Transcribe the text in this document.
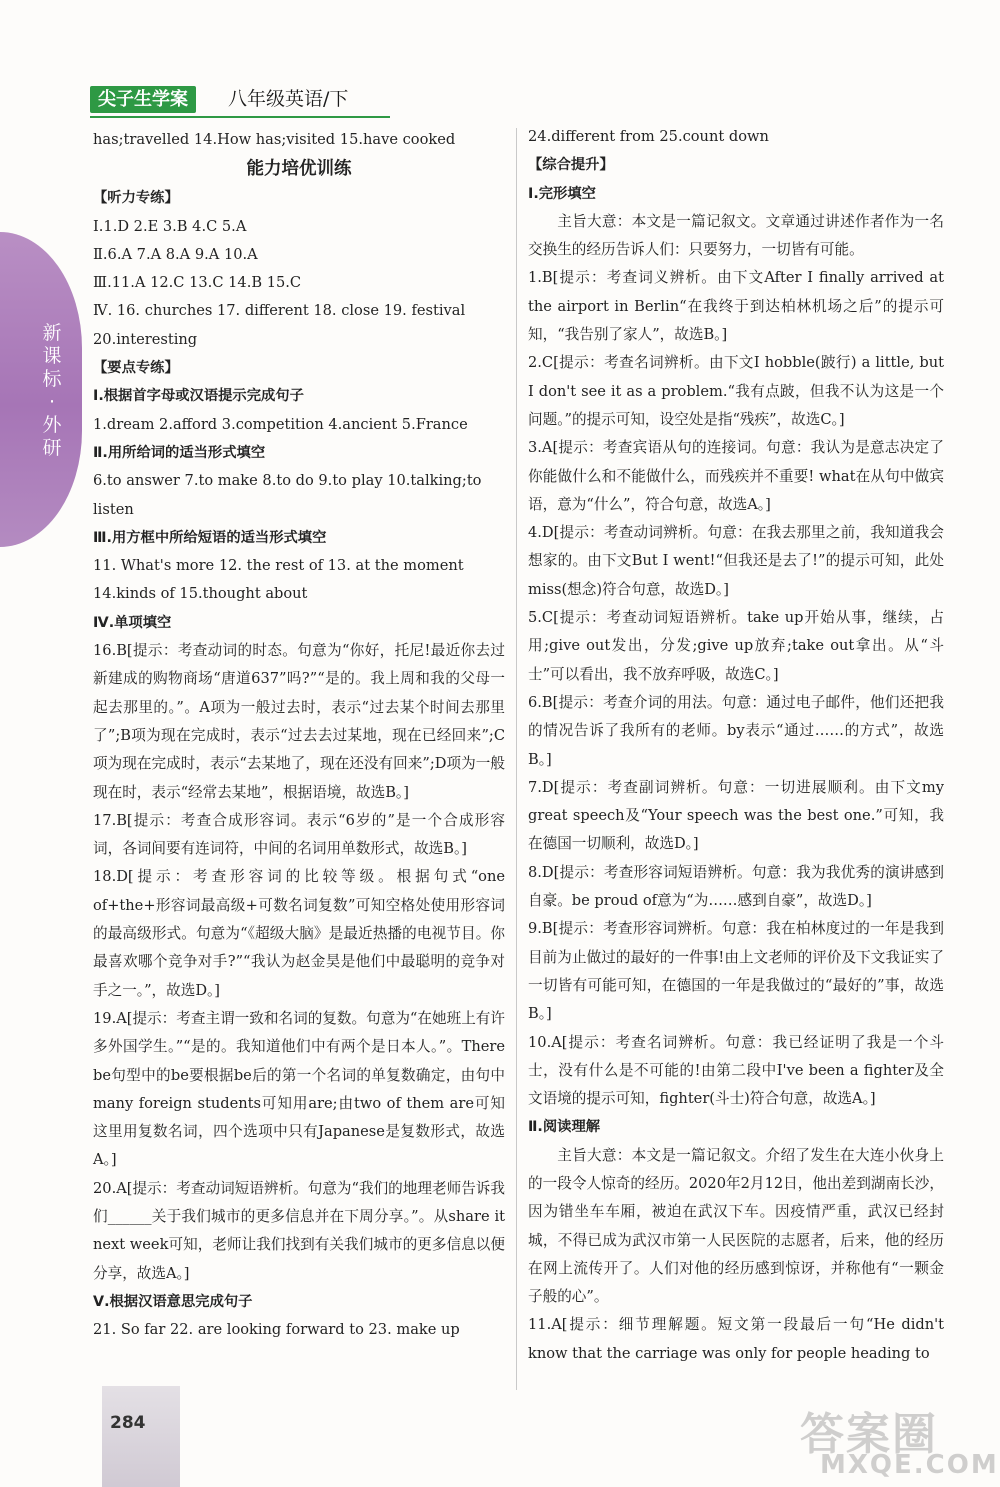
新课标·外研
尖子生学案	八年级英语/下
has;travelled 14.How has;visited 15.have cooked
能力培优训练
【听力专练】
Ⅰ.1.D 2.E 3.B 4.C 5.A
Ⅱ.6.A 7.A 8.A 9.A 10.A
Ⅲ.11.A 12.C 13.C 14.B 15.C
Ⅳ. 16. churches 17. different 18. close 19. festival
20.interesting
【要点专练】
Ⅰ.根据首字母或汉语提示完成句子
1.dream 2.afford 3.competition 4.ancient 5.France
Ⅱ.用所给词的适当形式填空
6.to answer 7.to make 8.to do 9.to play 10.talking;to
listen
Ⅲ.用方框中所给短语的适当形式填空
11. What's more 12. the rest of 13. at the moment
14.kinds of 15.thought about
Ⅳ.单项填空
16.B[提示：考查动词的时态。句意为“你好，托尼!最近你去过新建成的购物商场“唐道637”吗?”“是的。我上周和我的父母一起去那里的。”。A项为一般过去时，表示“过去某个时间去那里了”;B项为现在完成时，表示“过去去过某地，现在已经回来”;C项为现在完成时，表示“去某地了，现在还没有回来”;D项为一般现在时，表示“经常去某地”，根据语境，故选B。]
17.B[提示：考查合成形容词。表示“6岁的”是一个合成形容词，各词间要有连词符，中间的名词用单数形式，故选B。]
18.D[提示：考查形容词的比较等级。根据句式“one of+the+形容词最高级+可数名词复数”可知空格处使用形容词的最高级形式。句意为“《超级大脑》是最近热播的电视节目。你最喜欢哪个竞争对手?”“我认为赵金昊是他们中最聪明的竞争对手之一。”，故选D。]
19.A[提示：考查主谓一致和名词的复数。句意为“在她班上有许多外国学生。”“是的。我知道他们中有两个是日本人。”。There be句型中的be要根据be后的第一个名词的单复数确定，由句中many foreign students可知用are;由two of them are可知这里用复数名词，四个选项中只有Japanese是复数形式，故选A。]
20.A[提示：考查动词短语辨析。句意为“我们的地理老师告诉我们______关于我们城市的更多信息并在下周分享。”。从share it next week可知，老师让我们找到有关我们城市的更多信息以便分享，故选A。]
Ⅴ.根据汉语意思完成句子
21. So far 22. are looking forward to 23. make up
24.different from 25.count down
【综合提升】
Ⅰ.完形填空
主旨大意：本文是一篇记叙文。文章通过讲述作者作为一名交换生的经历告诉人们：只要努力，一切皆有可能。
1.B[提示：考查词义辨析。由下文After I finally arrived at the airport in Berlin“在我终于到达柏林机场之后”的提示可知，“我告别了家人”，故选B。]
2.C[提示：考查名词辨析。由下文I hobble(跛行) a little, but I don't see it as a problem.“我有点跛，但我不认为这是一个问题。”的提示可知，设空处是指“残疾”，故选C。]
3.A[提示：考查宾语从句的连接词。句意：我认为是意志决定了你能做什么和不能做什么，而残疾并不重要! what在从句中做宾语，意为“什么”，符合句意，故选A。]
4.D[提示：考查动词辨析。句意：在我去那里之前，我知道我会想家的。由下文But I went!“但我还是去了!”的提示可知，此处miss(想念)符合句意，故选D。]
5.C[提示：考查动词短语辨析。take up开始从事，继续，占用;give out发出，分发;give up放弃;take out拿出。从“斗士”可以看出，我不放弃呼吸，故选C。]
6.B[提示：考查介词的用法。句意：通过电子邮件，他们还把我的情况告诉了我所有的老师。by表示“通过……的方式”，故选B。]
7.D[提示：考查副词辨析。句意：一切进展顺利。由下文my great speech及“Your speech was the best one.”可知，我在德国一切顺利，故选D。]
8.D[提示：考查形容词短语辨析。句意：我为我优秀的演讲感到自豪。be proud of意为“为……感到自豪”，故选D。]
9.B[提示：考查形容词辨析。句意：我在柏林度过的一年是我到目前为止做过的最好的一件事!由上文老师的评价及下文我证实了一切皆有可能可知，在德国的一年是我做过的“最好的”事，故选B。]
10.A[提示：考查名词辨析。句意：我已经证明了我是一个斗士，没有什么是不可能的!由第二段中I've been a fighter及全文语境的提示可知，fighter(斗士)符合句意，故选A。]
Ⅱ.阅读理解
主旨大意：本文是一篇记叙文。介绍了发生在大连小伙身上的一段令人惊奇的经历。2020年2月12日，他出差到湖南长沙，因为错坐车车厢，被迫在武汉下车。因疫情严重，武汉已经封城，不得已成为武汉市第一人民医院的志愿者，后来，他的经历在网上流传开了。人们对他的经历感到惊讶，并称他有“一颗金子般的心”。
11.A[提示：细节理解题。短文第一段最后一句“He didn't know that the carriage was only for people heading to
284	答案圈
MXQE.COM
